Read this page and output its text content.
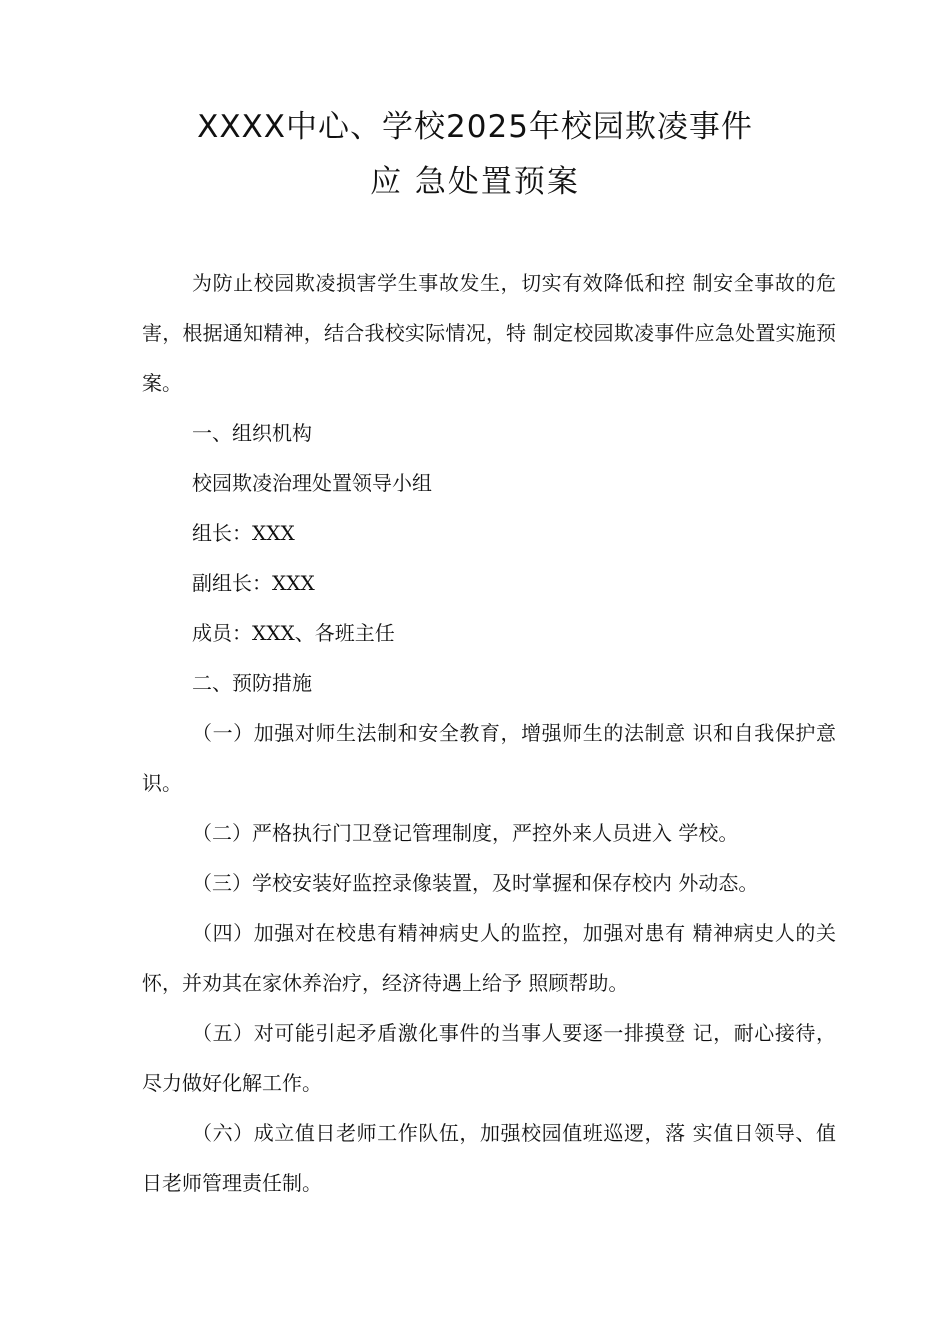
XXXX中心、学校2025年校园欺凌事件
应 急处置预案

为防止校园欺凌损害学生事故发生，切实有效降低和控 制安全事故的危害，根据通知精神，结合我校实际情况，特 制定校园欺凌事件应急处置实施预案。

一、组织机构

校园欺凌治理处置领导小组

组长：XXX

副组长：XXX

成员：XXX、各班主任

二、预防措施

（一）加强对师生法制和安全教育，增强师生的法制意 识和自我保护意识。

（二）严格执行门卫登记管理制度，严控外来人员进入 学校。

（三）学校安装好监控录像装置，及时掌握和保存校内 外动态。

（四）加强对在校患有精神病史人的监控，加强对患有 精神病史人的关怀，并劝其在家休养治疗，经济待遇上给予 照顾帮助。

（五）对可能引起矛盾激化事件的当事人要逐一排摸登 记，耐心接待，尽力做好化解工作。

（六）成立值日老师工作队伍，加强校园值班巡逻，落 实值日领导、值日老师管理责任制。
